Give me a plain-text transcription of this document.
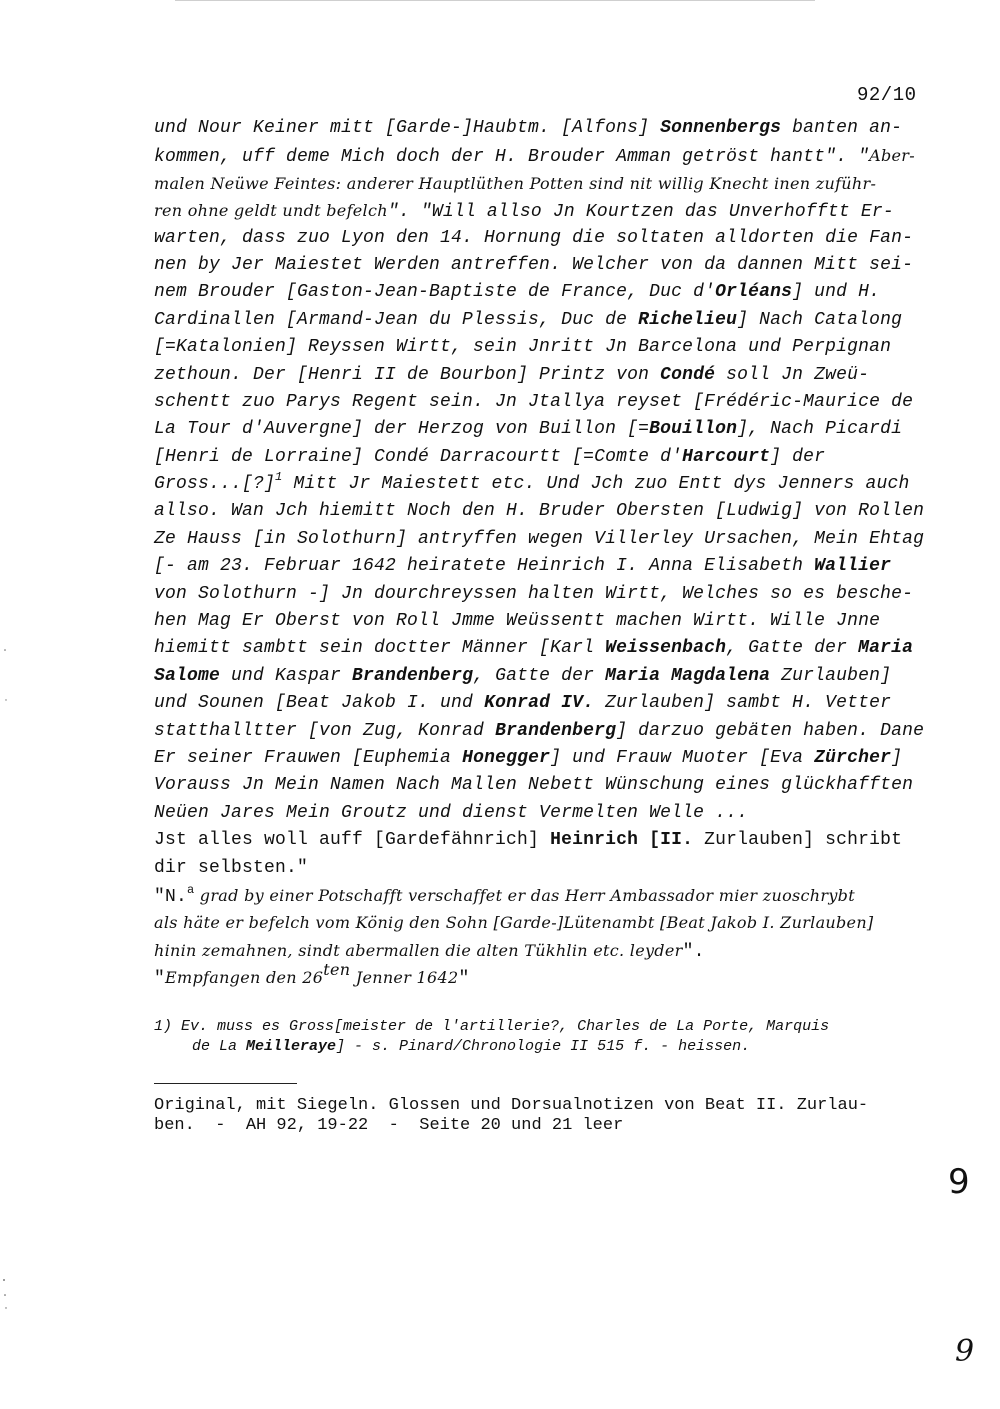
92/10
und Nour Keiner mitt [Garde-]Haubtm. [Alfons] Sonnenbergs banten an-
kommen, uff deme Mich doch der H. Brouder Amman getröst hantt". "Aber-
malen Neüwe Feintes: anderer Hauptlüthen Potten sind nit willig Knecht inen zuführ-
ren ohne geldt undt befelch". "Will allso Jn Kourtzen das Unverhofftt Er-
warten, dass zuo Lyon den 14. Hornung die soltaten alldorten die Fan-
nen by Jer Maiestet Werden antreffen. Welcher von da dannen Mitt sei-
nem Brouder [Gaston-Jean-Baptiste de France, Duc d'Orléans] und H.
Cardinallen [Armand-Jean du Plessis, Duc de Richelieu] Nach Catalong
[=Katalonien] Reyssen Wirtt, sein Jnritt Jn Barcelona und Perpignan
zethoun. Der [Henri II de Bourbon] Printz von Condé soll Jn Zweü-
schentt zuo Parys Regent sein. Jn Jtallya reyset [Frédéric-Maurice de
La Tour d'Auvergne] der Herzog von Buillon [=Bouillon], Nach Picardi
[Henri de Lorraine] Condé Darracourtt [=Comte d'Harcourt] der
Gross...[?]$^1$ Mitt Jr Maiestett etc. Und Jch zuo Entt dys Jenners auch
allso. Wan Jch hiemitt Noch den H. Bruder Obersten [Ludwig] von Rollen
Ze Hauss [in Solothurn] antryffen wegen Villerley Ursachen, Mein Ehtag
[- am 23. Februar 1642 heiratete Heinrich I. Anna Elisabeth Wallier
von Solothurn -] Jn dourchreyssen halten Wirtt, Welches so es besche-
hen Mag Er Oberst von Roll Jmme Weüssentt machen Wirtt. Wille Jnne
hiemitt sambtt sein doctter Männer [Karl Weissenbach, Gatte der Maria
Salome und Kaspar Brandenberg, Gatte der Maria Magdalena Zurlauben]
und Sounen [Beat Jakob I. und Konrad IV. Zurlauben] sambt H. Vetter
statthalltter [von Zug, Konrad Brandenberg] darzuo gebäten haben. Dane
Er seiner Frauwen [Euphemia Honegger] und Frauw Muoter [Eva Zürcher]
Vorauss Jn Mein Namen Nach Mallen Nebett Wünschung eines glückhafften
Neüen Jares Mein Groutz und dienst Vermelten Welle ...
Jst alles woll auff [Gardefähnrich] Heinrich [II. Zurlauben] schribt
dir selbsten."
"N.$^a$ grad by einer Potschafft verschaffet er das Herr Ambassador mier zuoschrybt
als häte er befelch vom König den Sohn [Garde-]Lütenambt [Beat Jakob I. Zurlauben]
hinin zemahnen, sindt abermallen die alten Tükhlin etc. leyder".
"Empfangen den $26^{ten}$ Jenner 1642"
1) Ev. muss es Gross[meister de l'artillerie?, Charles de La Porte, Marquis
de La Meilleraye] - s. Pinard/Chronologie II 515 f. - heissen.
Original, mit Siegeln. Glossen und Dorsualnotizen von Beat II. Zurlau-
ben.  -  AH 92, 19-22  -  Seite 20 und 21 leer
9
9
